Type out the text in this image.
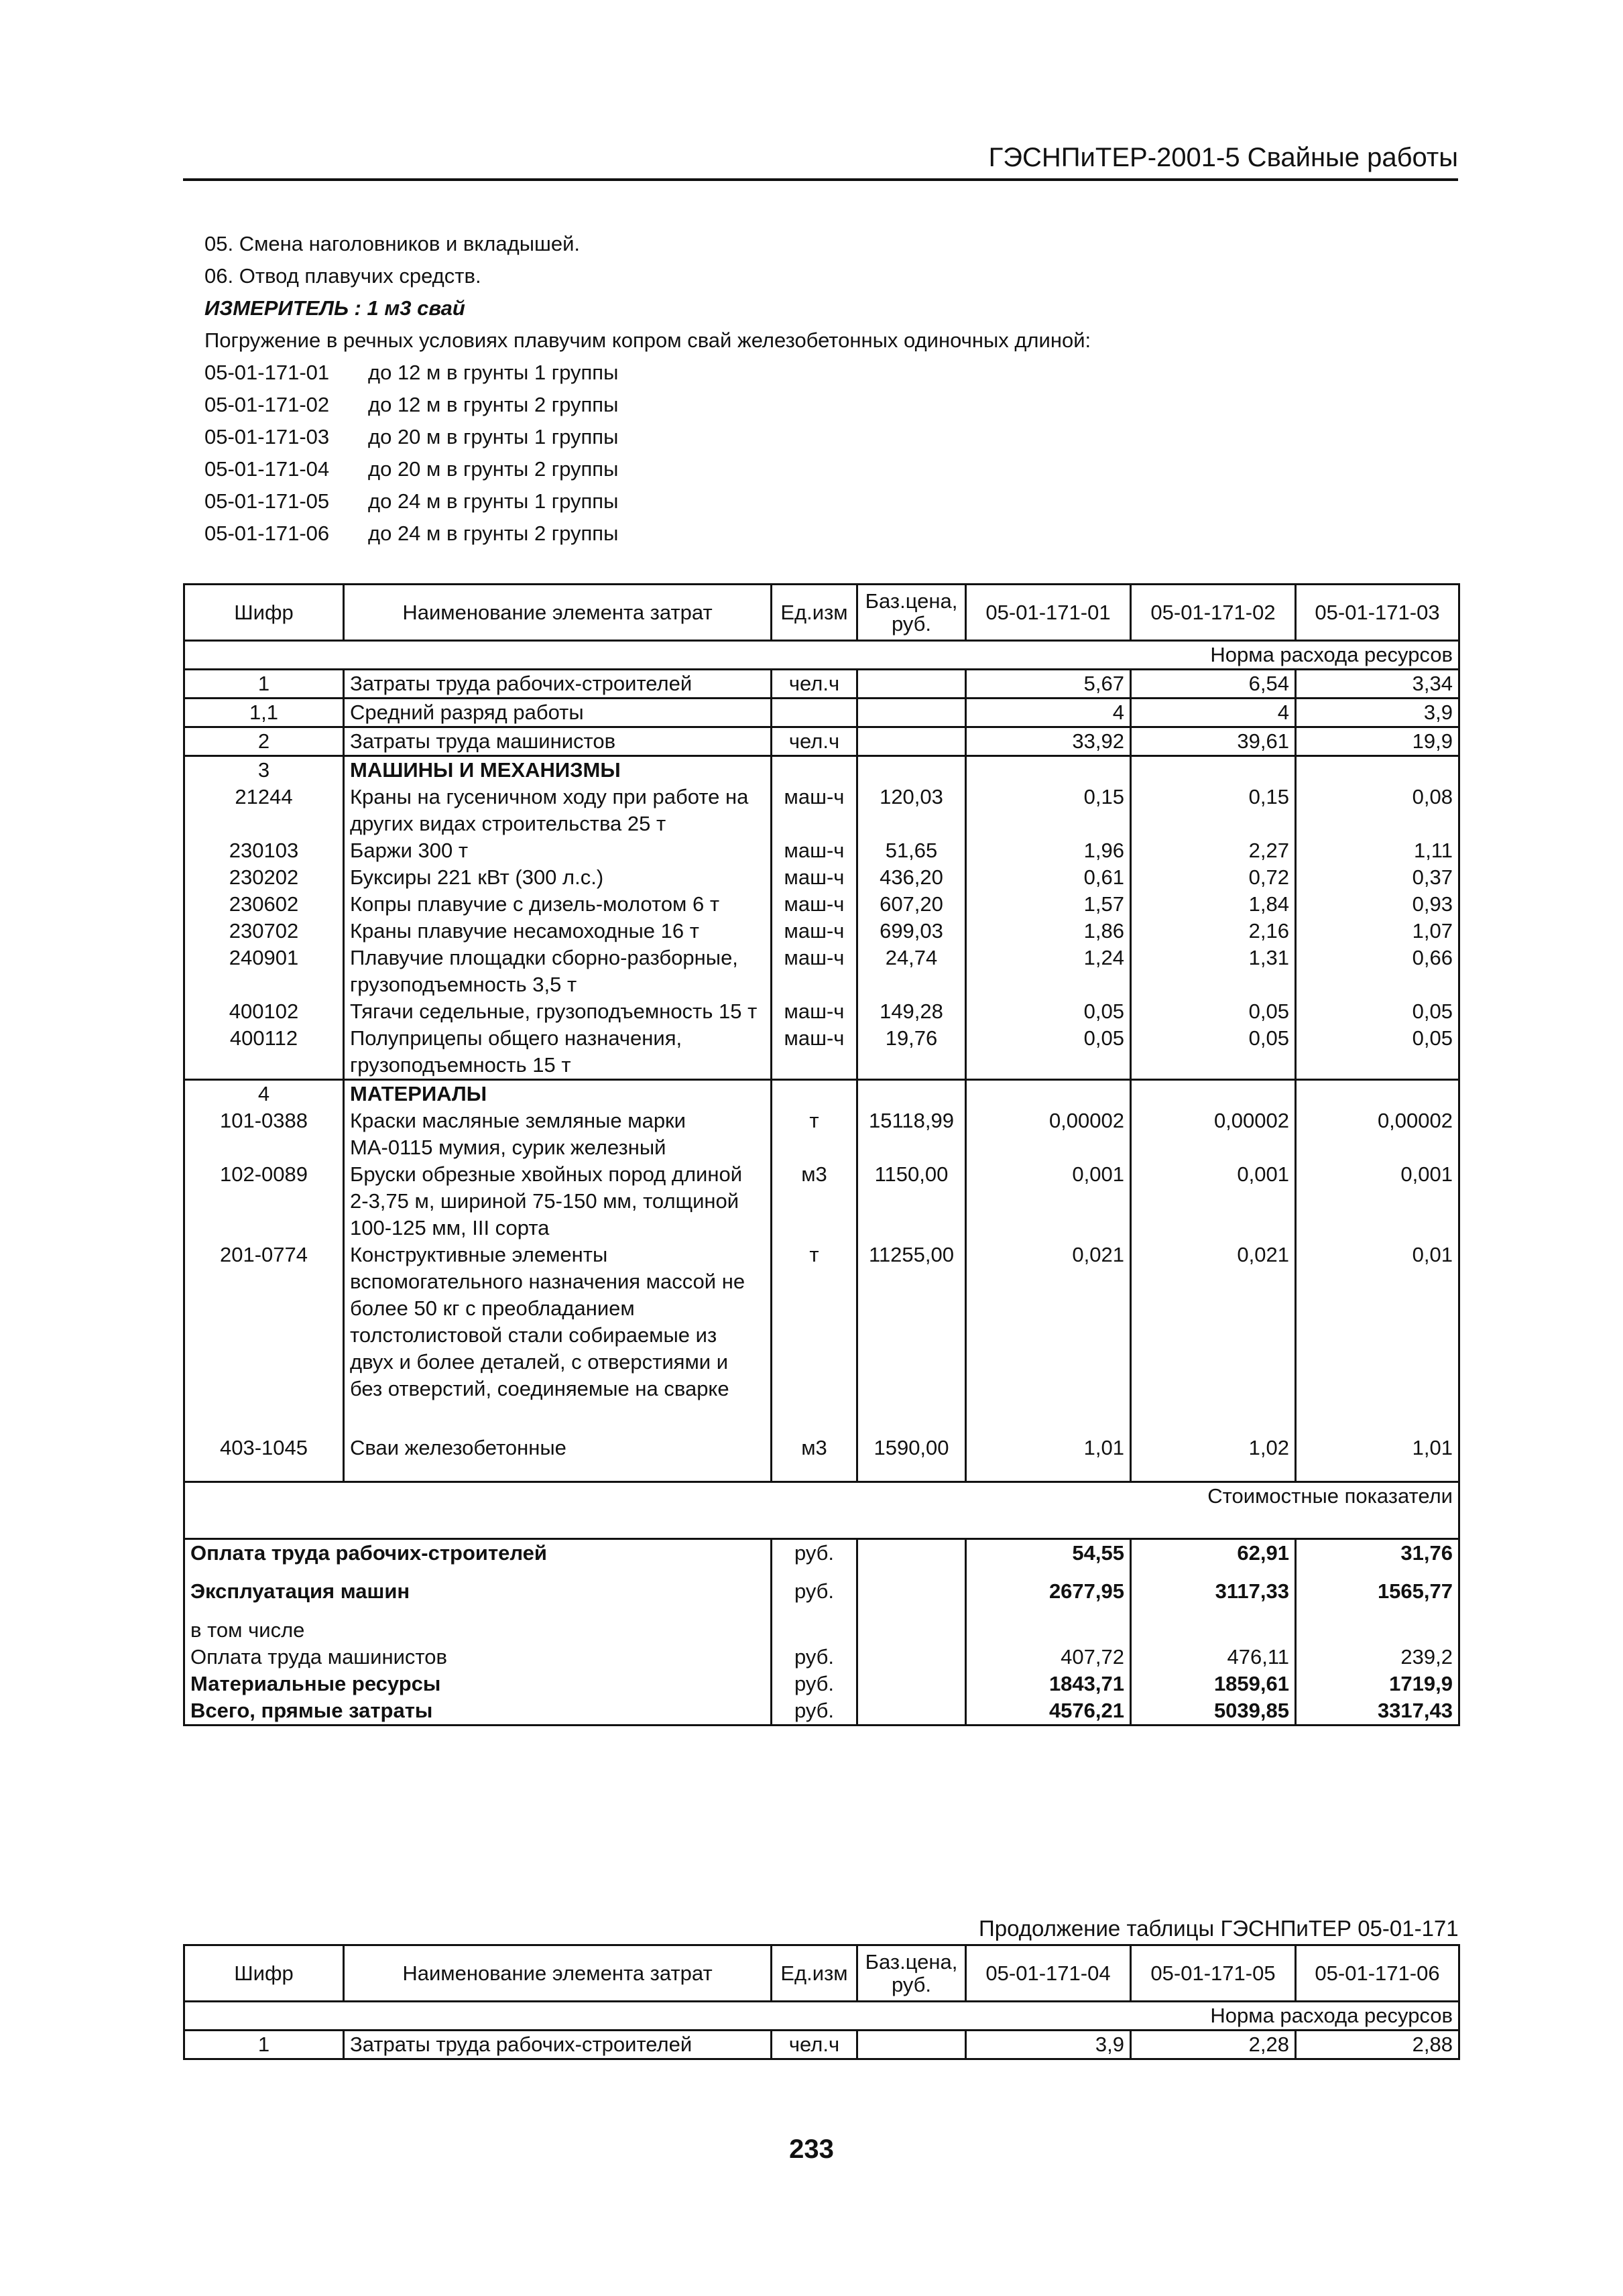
ГЭСНПиТЕР-2001-5 Свайные работы
05. Смена наголовников и вкладышей.
06. Отвод плавучих средств.
ИЗМЕРИТЕЛЬ : 1 м3 свай
Погружение в речных условиях плавучим копром свай железобетонных одиночных длиной:
05-01-171-01	до 12 м в грунты 1 группы
05-01-171-02	до 12 м в грунты 2 группы
05-01-171-03	до 20 м в грунты 1 группы
05-01-171-04	до 20 м в грунты 2 группы
05-01-171-05	до 24 м в грунты 1 группы
05-01-171-06	до 24 м в грунты 2 группы
Шифр	Наименование элемента затрат	Ед.изм	Баз.цена, руб.	05-01-171-01	05-01-171-02	05-01-171-03
Норма расхода ресурсов						
1	Затраты труда рабочих-строителей	чел.ч		5,67	6,54	3,34
1,1	Средний разряд работы			4	4	3,9
2	Затраты труда машинистов	чел.ч		33,92	39,61	19,9
3	МАШИНЫ И МЕХАНИЗМЫ					
21244	Краны на гусеничном ходу при работе на других видах строительства 25 т	маш-ч	120,03	0,15	0,15	0,08
230103	Баржи 300 т	маш-ч	51,65	1,96	2,27	1,11
230202	Буксиры 221 кВт (300 л.с.)	маш-ч	436,20	0,61	0,72	0,37
230602	Копры плавучие с дизель-молотом 6 т	маш-ч	607,20	1,57	1,84	0,93
230702	Краны плавучие несамоходные 16 т	маш-ч	699,03	1,86	2,16	1,07
240901	Плавучие площадки сборно-разборные, грузоподъемность 3,5 т	маш-ч	24,74	1,24	1,31	0,66
400102	Тягачи седельные, грузоподъемность 15 т	маш-ч	149,28	0,05	0,05	0,05
400112	Полуприцепы общего назначения, грузоподъемность 15 т	маш-ч	19,76	0,05	0,05	0,05
4	МАТЕРИАЛЫ					
101-0388	Краски масляные земляные марки МА-0115 мумия, сурик железный	т	15118,99	0,00002	0,00002	0,00002
102-0089	Бруски обрезные хвойных пород длиной 2-3,75 м, шириной 75-150 мм, толщиной 100-125 мм, III сорта	м3	1150,00	0,001	0,001	0,001
201-0774	Конструктивные элементы вспомогательного назначения массой не более 50 кг с преобладанием толстолистовой стали собираемые из двух и более деталей, с отверстиями и без отверстий, соединяемые на сварке	т	11255,00	0,021	0,021	0,01
403-1045	Сваи железобетонные	м3	1590,00	1,01	1,02	1,01
Стоимостные показатели						

Оплата труда рабочих-строителей		руб.		54,55	62,91	31,76
Эксплуатация машин		руб.		2677,95	3117,33	1565,77
в том числе						
Оплата труда машинистов		руб.		407,72	476,11	239,2
Материальные ресурсы		руб.		1843,71	1859,61	1719,9
Всего, прямые затраты		руб.		4576,21	5039,85	3317,43
Продолжение таблицы ГЭСНПиТЕР 05-01-171
Шифр	Наименование элемента затрат	Ед.изм	Баз.цена, руб.	05-01-171-04	05-01-171-05	05-01-171-06
Норма расхода ресурсов						
1	Затраты труда рабочих-строителей	чел.ч		3,9	2,28	2,88
233
